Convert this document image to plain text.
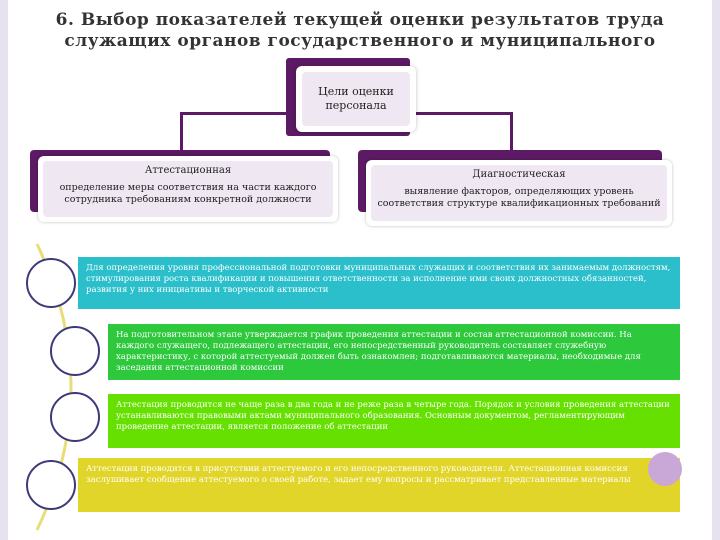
6. Выбор показателей текущей оценки результатов труда служащих органов государственного и муниципального
Цели оценки персонала
Аттестационная
определение меры соответствия на части каждого сотрудника требованиям конкретной должности
Диагностическая
выявление факторов, определяющих уровень соответствия структуре квалификационных требований
Для определения уровня профессиональной подготовки муниципальных служащих и соответствия их занимаемым должностям, стимулирования роста квалификации и повышения ответственности за исполнение ими своих должностных обязанностей, развития у них инициативы и творческой активности
На подготовительном этапе утверждается график проведения аттестации и состав аттестационной комиссии. На каждого служащего, подлежащего аттестации, его непосредственный руководитель составляет служебную характеристику, с которой аттестуемый должен быть ознакомлен; подготавливаются материалы, необходимые для заседания аттестационной комиссии
Аттестация проводится не чаще раза в два года и не реже раза в четыре года. Порядок и условия проведения аттестации устанавливаются правовыми актами муниципального образования. Основным документом, регламентирующим проведение аттестации, является положение об аттестации
Аттестация проводится в присутствии аттестуемого и его непосредственного руководителя. Аттестационная комиссия заслушивает сообщение аттестуемого о своей работе, задает ему вопросы и рассматривает представленные материалы
